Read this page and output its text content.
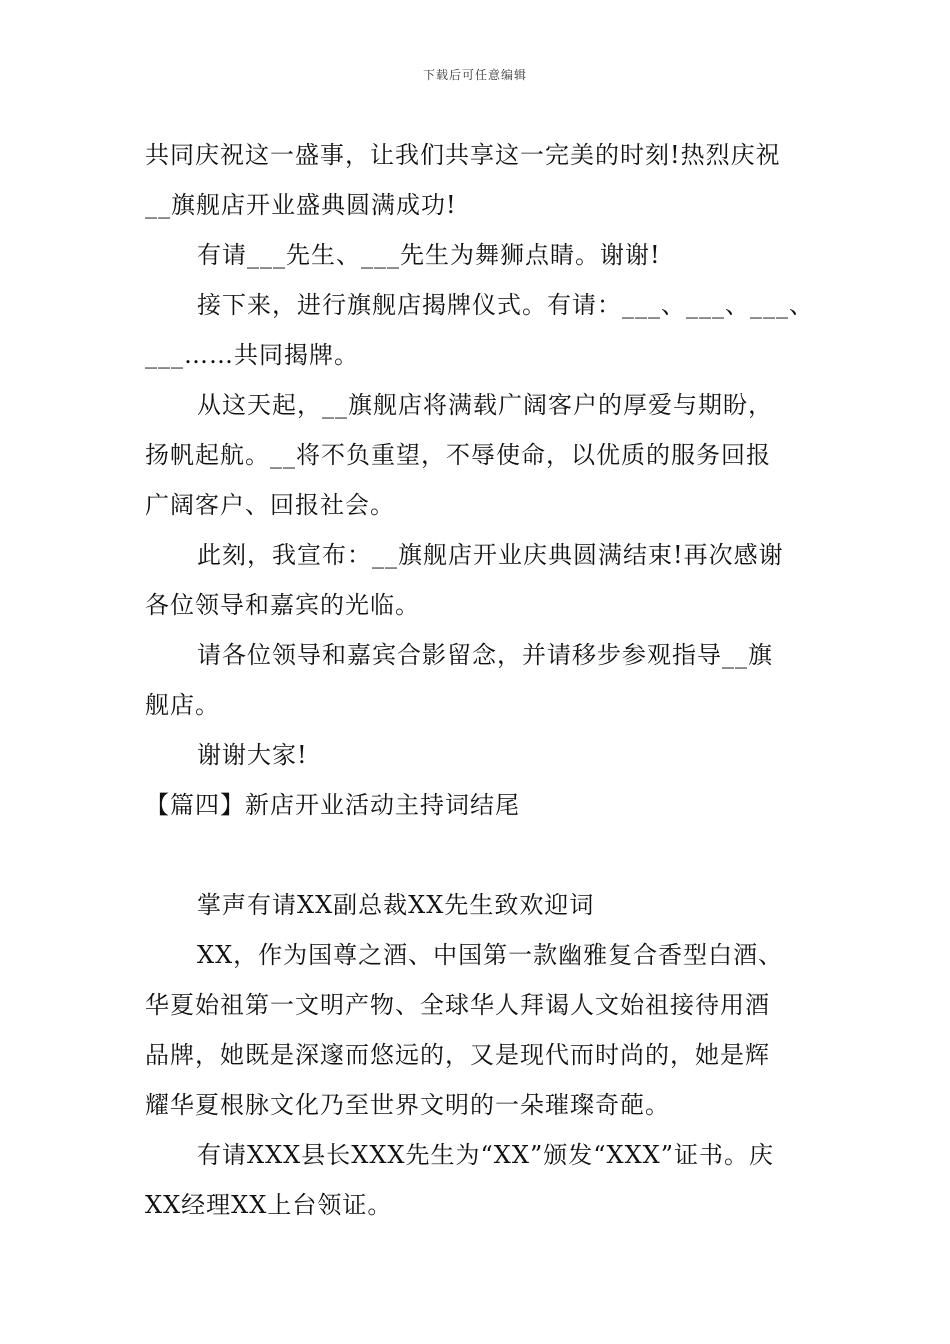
下载后可任意编辑
共同庆祝这一盛事，让我们共享这一完美的时刻!热烈庆祝
__旗舰店开业盛典圆满成功!
有请___先生、___先生为舞狮点睛。谢谢!
接下来，进行旗舰店揭牌仪式。有请：___、___、___、
___……共同揭牌。
从这天起，__旗舰店将满载广阔客户的厚爱与期盼，
扬帆起航。__将不负重望，不辱使命，以优质的服务回报
广阔客户、回报社会。
此刻，我宣布：__旗舰店开业庆典圆满结束!再次感谢
各位领导和嘉宾的光临。
请各位领导和嘉宾合影留念，并请移步参观指导__旗
舰店。
谢谢大家!
【篇四】新店开业活动主持词结尾
掌声有请XX副总裁XX先生致欢迎词
XX，作为国尊之酒、中国第一款幽雅复合香型白酒、
华夏始祖第一文明产物、全球华人拜谒人文始祖接待用酒
品牌，她既是深邃而悠远的，又是现代而时尚的，她是辉
耀华夏根脉文化乃至世界文明的一朵璀璨奇葩。
有请XXX县长XXX先生为“XX”颁发“XXX”证书。庆
XX经理XX上台领证。
